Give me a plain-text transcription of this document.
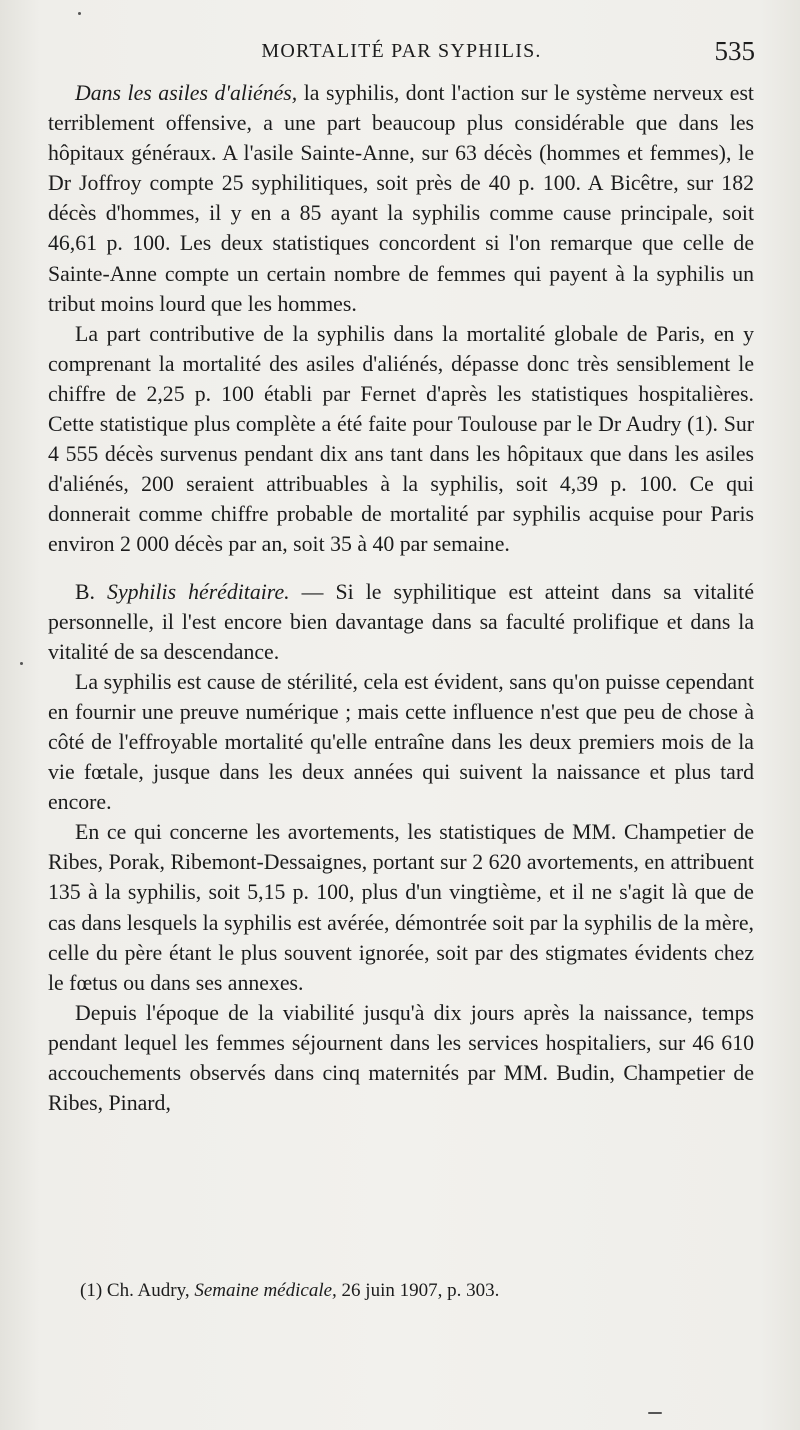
MORTALITÉ PAR SYPHILIS.	535

Dans les asiles d'aliénés, la syphilis, dont l'action sur le système nerveux est terriblement offensive, a une part beaucoup plus considérable que dans les hôpitaux généraux. A l'asile Sainte-Anne, sur 63 décès (hommes et femmes), le Dr Joffroy compte 25 syphilitiques, soit près de 40 p. 100. A Bicêtre, sur 182 décès d'hommes, il y en a 85 ayant la syphilis comme cause principale, soit 46,61 p. 100. Les deux statistiques concordent si l'on remarque que celle de Sainte-Anne compte un certain nombre de femmes qui payent à la syphilis un tribut moins lourd que les hommes.

La part contributive de la syphilis dans la mortalité globale de Paris, en y comprenant la mortalité des asiles d'aliénés, dépasse donc très sensiblement le chiffre de 2,25 p. 100 établi par Fernet d'après les statistiques hospitalières. Cette statistique plus complète a été faite pour Toulouse par le Dr Audry (1). Sur 4 555 décès survenus pendant dix ans tant dans les hôpitaux que dans les asiles d'aliénés, 200 seraient attribuables à la syphilis, soit 4,39 p. 100. Ce qui donnerait comme chiffre probable de mortalité par syphilis acquise pour Paris environ 2 000 décès par an, soit 35 à 40 par semaine.

B. Syphilis héréditaire. — Si le syphilitique est atteint dans sa vitalité personnelle, il l'est encore bien davantage dans sa faculté prolifique et dans la vitalité de sa descendance.

La syphilis est cause de stérilité, cela est évident, sans qu'on puisse cependant en fournir une preuve numérique ; mais cette influence n'est que peu de chose à côté de l'effroyable mortalité qu'elle entraîne dans les deux premiers mois de la vie fœtale, jusque dans les deux années qui suivent la naissance et plus tard encore.

En ce qui concerne les avortements, les statistiques de MM. Champetier de Ribes, Porak, Ribemont-Dessaignes, portant sur 2 620 avortements, en attribuent 135 à la syphilis, soit 5,15 p. 100, plus d'un vingtième, et il ne s'agit là que de cas dans lesquels la syphilis est avérée, démontrée soit par la syphilis de la mère, celle du père étant le plus souvent ignorée, soit par des stigmates évidents chez le fœtus ou dans ses annexes.

Depuis l'époque de la viabilité jusqu'à dix jours après la naissance, temps pendant lequel les femmes séjournent dans les services hospitaliers, sur 46 610 accouchements observés dans cinq maternités par MM. Budin, Champetier de Ribes, Pinard,

(1) Ch. Audry, Semaine médicale, 26 juin 1907, p. 303.
